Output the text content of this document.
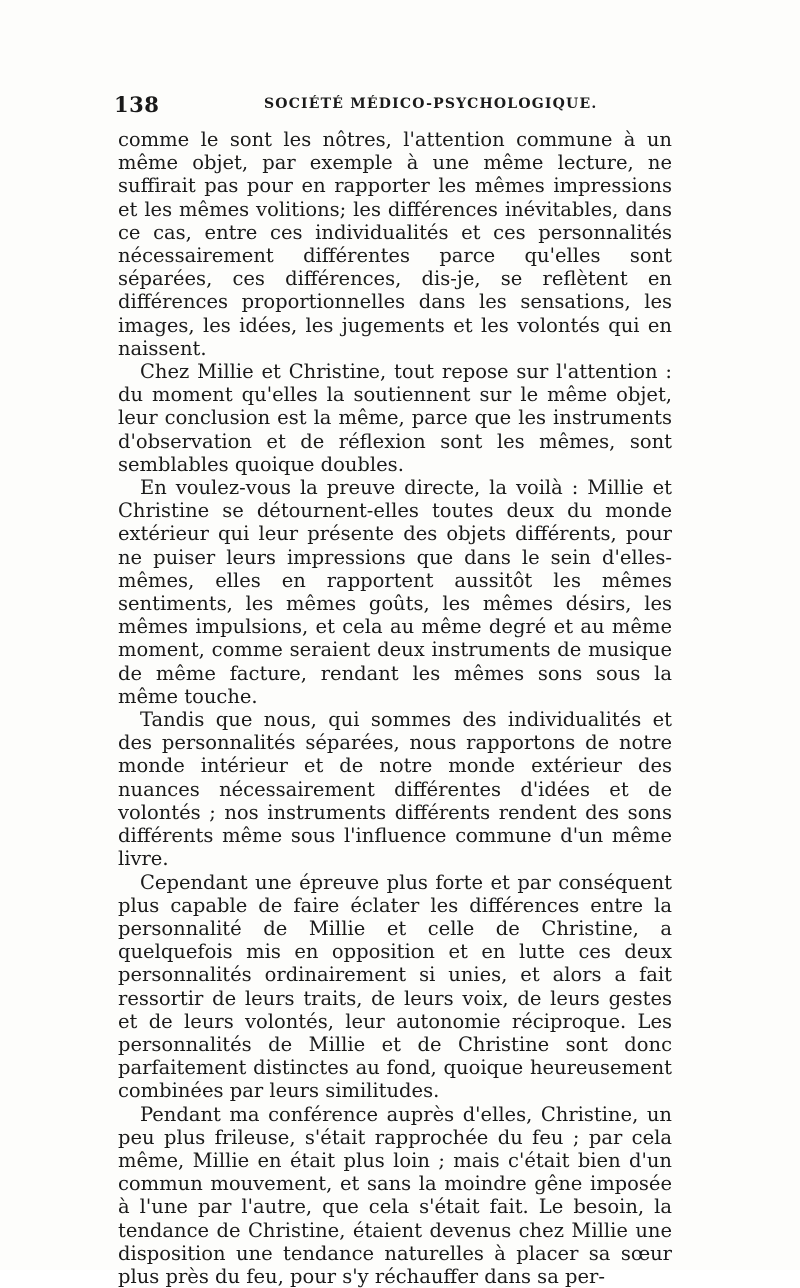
138	SOCIÉTÉ MÉDICO-PSYCHOLOGIQUE.

comme le sont les nôtres, l'attention commune à un même objet, par exemple à une même lecture, ne suffirait pas pour en rapporter les mêmes impressions et les mêmes volitions; les différences inévitables, dans ce cas, entre ces individualités et ces personnalités nécessairement différentes parce qu'elles sont séparées, ces différences, dis-je, se reflètent en différences proportionnelles dans les sensations, les images, les idées, les jugements et les volontés qui en naissent.

Chez Millie et Christine, tout repose sur l'attention : du moment qu'elles la soutiennent sur le même objet, leur conclusion est la même, parce que les instruments d'observation et de réflexion sont les mêmes, sont semblables quoique doubles.

En voulez-vous la preuve directe, la voilà : Millie et Christine se détournent-elles toutes deux du monde extérieur qui leur présente des objets différents, pour ne puiser leurs impressions que dans le sein d'elles-mêmes, elles en rapportent aussitôt les mêmes sentiments, les mêmes goûts, les mêmes désirs, les mêmes impulsions, et cela au même degré et au même moment, comme seraient deux instruments de musique de même facture, rendant les mêmes sons sous la même touche.

Tandis que nous, qui sommes des individualités et des personnalités séparées, nous rapportons de notre monde intérieur et de notre monde extérieur des nuances nécessairement différentes d'idées et de volontés ; nos instruments différents rendent des sons différents même sous l'influence commune d'un même livre.

Cependant une épreuve plus forte et par conséquent plus capable de faire éclater les différences entre la personnalité de Millie et celle de Christine, a quelquefois mis en opposition et en lutte ces deux personnalités ordinairement si unies, et alors a fait ressortir de leurs traits, de leurs voix, de leurs gestes et de leurs volontés, leur autonomie réciproque. Les personnalités de Millie et de Christine sont donc parfaitement distinctes au fond, quoique heureusement combinées par leurs similitudes.

Pendant ma conférence auprès d'elles, Christine, un peu plus frileuse, s'était rapprochée du feu ; par cela même, Millie en était plus loin ; mais c'était bien d'un commun mouvement, et sans la moindre gêne imposée à l'une par l'autre, que cela s'était fait. Le besoin, la tendance de Christine, étaient devenus chez Millie une disposition une tendance naturelles à placer sa sœur plus près du feu, pour s'y réchauffer dans sa per-
